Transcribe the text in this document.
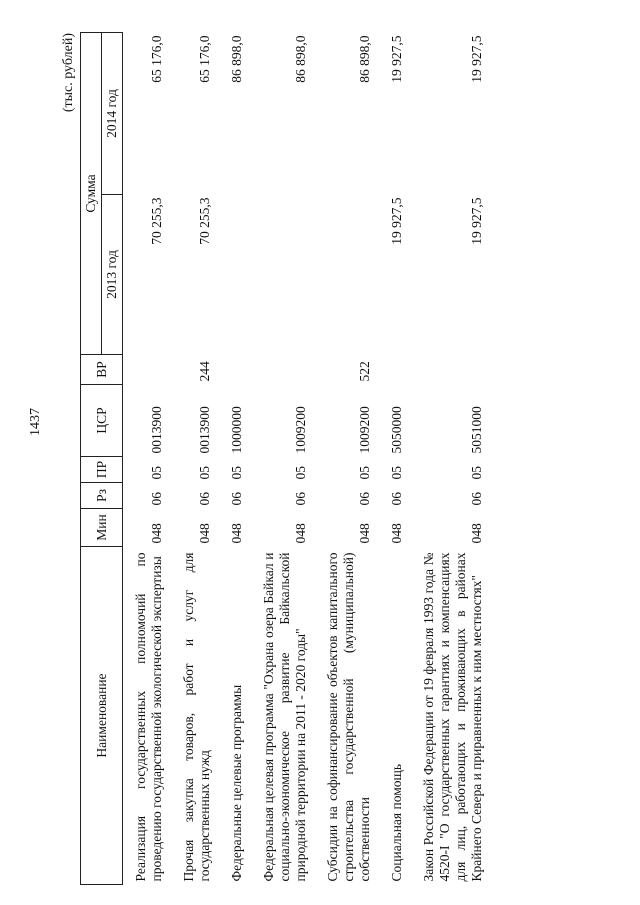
1437
(тыс. рублей)
Наименование	Мин	Рз	ПР	ЦСР	ВР	Сумма	
						2013 год	2014 год
Реализация государственных полномочий по проведению государственной экологической экспертизы	048	06	05	0013900		70 255,3	65 176,0
Прочая закупка товаров, работ и услуг для государственных нужд	048	06	05	0013900	244	70 255,3	65 176,0
Федеральные целевые программы	048	06	05	1000000			86 898,0
Федеральная целевая программа "Охрана озера Байкал и социально-экономическое развитие Байкальской природной территории на 2011 - 2020 годы"	048	06	05	1009200			86 898,0
Субсидии на софинансирование объектов капитального строительства государственной (муниципальной) собственности	048	06	05	1009200	522		86 898,0
Социальная помощь	048	06	05	5050000		19 927,5	19 927,5
Закон Российской Федерации от 19 февраля 1993 года № 4520-I "О государственных гарантиях и компенсациях для лиц, работающих и проживающих в районах Крайнего Севера и приравненных к ним местностях"	048	06	05	5051000		19 927,5	19 927,5
